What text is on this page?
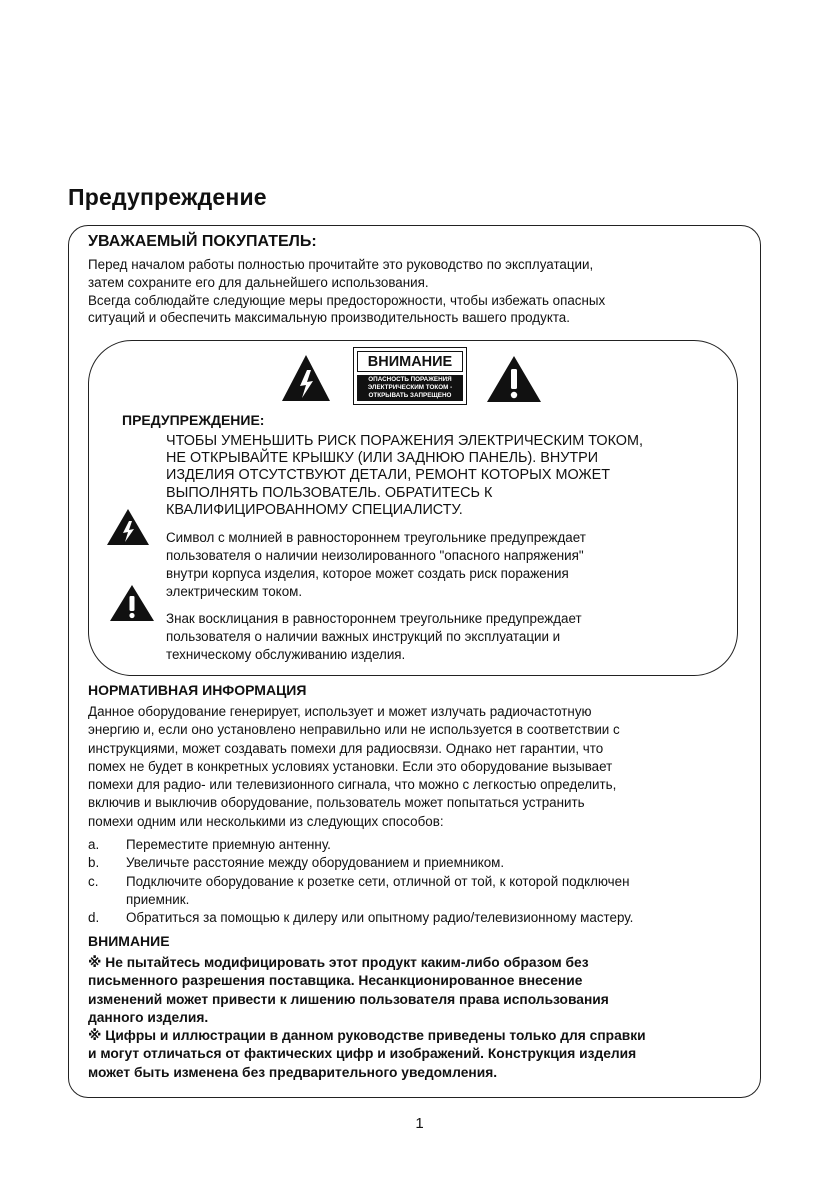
Предупреждение
УВАЖАЕМЫЙ ПОКУПАТЕЛЬ:
Перед началом работы полностью прочитайте это руководство по эксплуатации,
затем сохраните его для дальнейшего использования.
Всегда соблюдайте следующие меры предосторожности, чтобы избежать опасных
ситуаций и обеспечить максимальную производительность вашего продукта.
ВНИМАНИЕ
ОПАСНОСТЬ ПОРАЖЕНИЯ
ЭЛЕКТРИЧЕСКИМ ТОКОМ -
ОТКРЫВАТЬ ЗАПРЕЩЕНО
ПРЕДУПРЕЖДЕНИЕ:
ЧТОБЫ УМЕНЬШИТЬ РИСК ПОРАЖЕНИЯ ЭЛЕКТРИЧЕСКИМ ТОКОМ,
НЕ ОТКРЫВАЙТЕ КРЫШКУ (ИЛИ ЗАДНЮЮ ПАНЕЛЬ). ВНУТРИ
ИЗДЕЛИЯ ОТСУТСТВУЮТ ДЕТАЛИ, РЕМОНТ КОТОРЫХ МОЖЕТ
ВЫПОЛНЯТЬ ПОЛЬЗОВАТЕЛЬ. ОБРАТИТЕСЬ К
КВАЛИФИЦИРОВАННОМУ СПЕЦИАЛИСТУ.
Символ с молнией в равностороннем треугольнике предупреждает
пользователя о наличии неизолированного "опасного напряжения"
внутри корпуса изделия, которое может создать риск поражения
электрическим током.
Знак восклицания в равностороннем треугольнике предупреждает
пользователя о наличии важных инструкций по эксплуатации и
техническому обслуживанию изделия.
НОРМАТИВНАЯ ИНФОРМАЦИЯ
Данное оборудование генерирует, использует и может излучать радиочастотную
энергию и, если оно установлено неправильно или не используется в соответствии с
инструкциями, может создавать помехи для радиосвязи. Однако нет гарантии, что
помех не будет в конкретных условиях установки. Если это оборудование вызывает
помехи для радио- или телевизионного сигнала, что можно с легкостью определить,
включив и выключив оборудование, пользователь может попытаться устранить
помехи одним или несколькими из следующих способов:
a.	Переместите приемную антенну.
b.	Увеличьте расстояние между оборудованием и приемником.
c.	Подключите оборудование к розетке сети, отличной от той, к которой подключен
приемник.
d.	Обратиться за помощью к дилеру или опытному радио/телевизионному мастеру.
ВНИМАНИЕ
※ Не пытайтесь модифицировать этот продукт каким-либо образом без
письменного разрешения поставщика. Несанкционированное внесение
изменений может привести к лишению пользователя права использования
данного изделия.
※ Цифры и иллюстрации в данном руководстве приведены только для справки
и могут отличаться от фактических цифр и изображений. Конструкция изделия
может быть изменена без предварительного уведомления.
1
